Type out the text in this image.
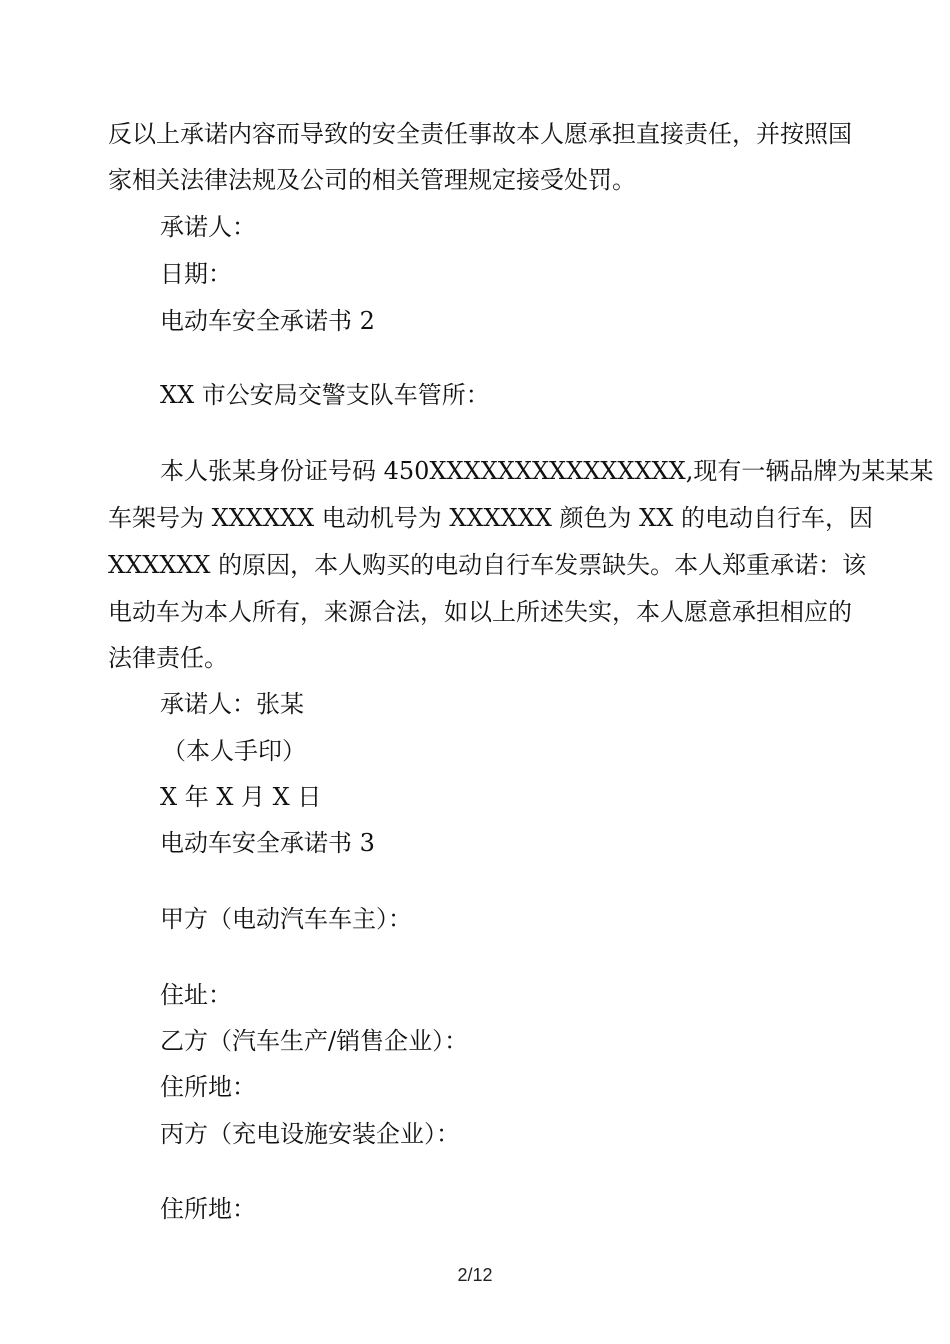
反以上承诺内容而导致的安全责任事故本人愿承担直接责任，并按照国

家相关法律法规及公司的相关管理规定接受处罚。

承诺人：

日期：

电动车安全承诺书 2

XX 市公安局交警支队车管所：

本人张某身份证号码 450XXXXXXXXXXXXXXX,现有一辆品牌为某某某

车架号为 XXXXXX 电动机号为 XXXXXX 颜色为 XX 的电动自行车，因

XXXXXX 的原因，本人购买的电动自行车发票缺失。本人郑重承诺：该

电动车为本人所有，来源合法，如以上所述失实，本人愿意承担相应的

法律责任。

承诺人：张某

（本人手印）

X 年 X 月 X 日

电动车安全承诺书 3

甲方（电动汽车车主）：

住址：

乙方（汽车生产/销售企业）：

住所地：

丙方（充电设施安装企业）：

住所地：

2/12
